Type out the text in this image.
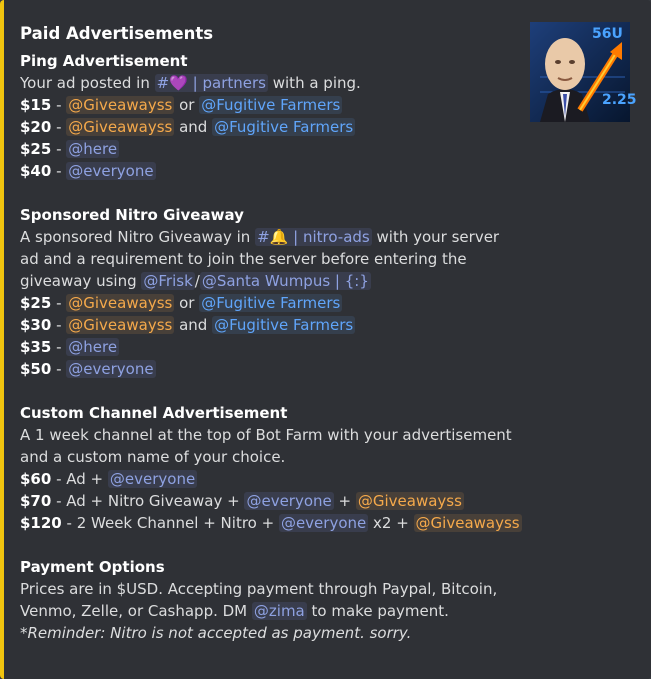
56U
2.25
Paid Advertisements
Ping Advertisement
Your ad posted in #💜 | partners with a ping.
$15 - @Giveawayss or @Fugitive Farmers
$20 - @Giveawayss and @Fugitive Farmers
$25 - @here
$40 - @everyone
Sponsored Nitro Giveaway
A sponsored Nitro Giveaway in #🔔 | nitro-ads with your server
ad and a requirement to join the server before entering the
giveaway using @Frisk / @Santa Wumpus | {:}
$25 - @Giveawayss or @Fugitive Farmers
$30 - @Giveawayss and @Fugitive Farmers
$35 - @here
$50 - @everyone
Custom Channel Advertisement
A 1 week channel at the top of Bot Farm with your advertisement
and a custom name of your choice.
$60 - Ad + @everyone
$70 - Ad + Nitro Giveaway + @everyone + @Giveawayss
$120 - 2 Week Channel + Nitro + @everyone x2 + @Giveawayss
Payment Options
Prices are in $USD. Accepting payment through Paypal, Bitcoin,
Venmo, Zelle, or Cashapp. DM @zima to make payment.
*Reminder: Nitro is not accepted as payment. sorry.
